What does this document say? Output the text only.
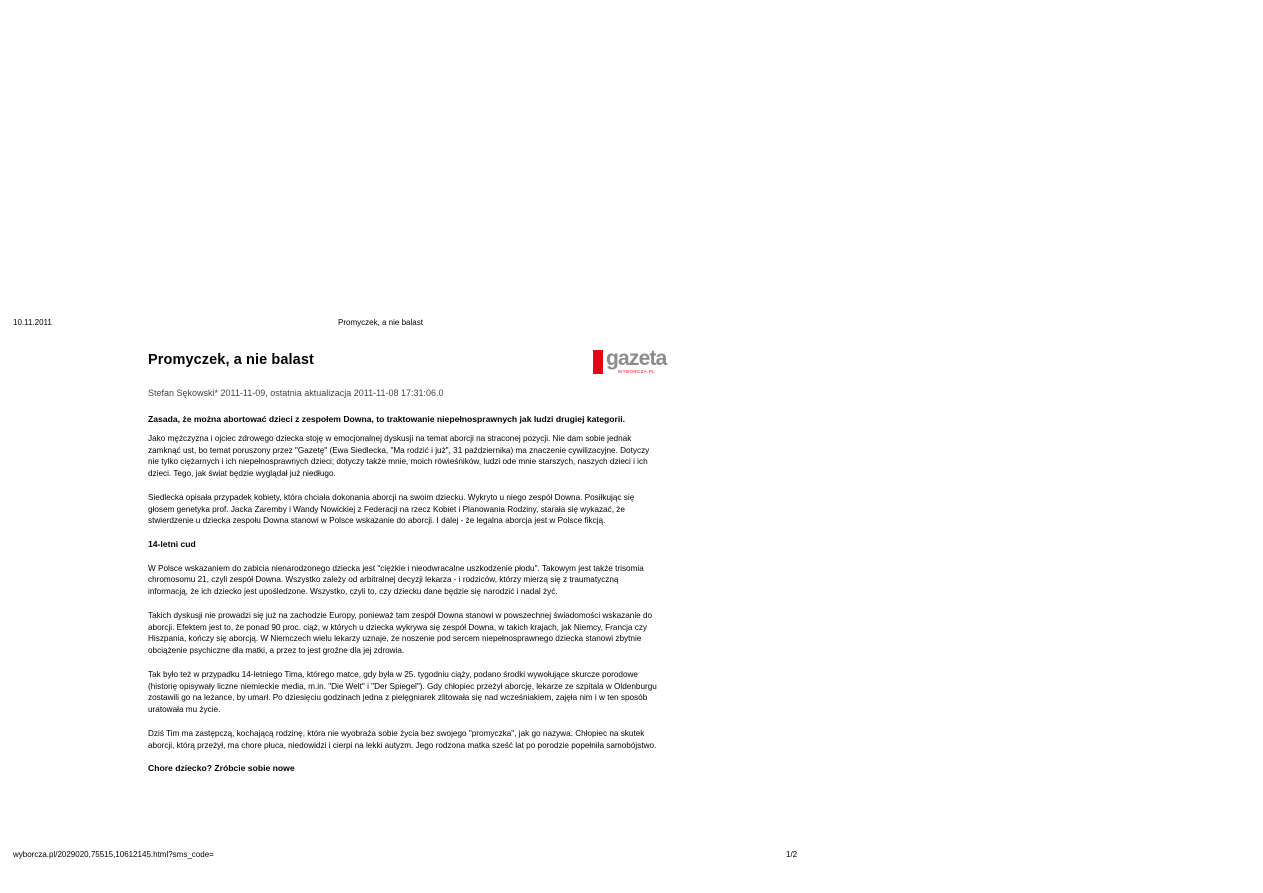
10.11.2011	Promyczek, a nie balast
Promyczek, a nie balast	gazeta
WYBORCZA.PL
Stefan Sękowski* 2011-11-09, ostatnia aktualizacja 2011-11-08 17:31:06.0
Zasada, że można abortować dzieci z zespołem Downa, to traktowanie niepełnosprawnych jak ludzi drugiej kategorii.

Jako mężczyzna i ojciec zdrowego dziecka stoję w emocjonalnej dyskusji na temat aborcji na straconej pozycji. Nie dam sobie jednak zamknąć ust, bo temat poruszony przez "Gazetę" (Ewa Siedlecka, "Ma rodzić i już", 31 października) ma znaczenie cywilizacyjne. Dotyczy nie tylko ciężarnych i ich niepełnosprawnych dzieci; dotyczy także mnie, moich rówieśników, ludzi ode mnie starszych, naszych dzieci i ich dzieci. Tego, jak świat będzie wyglądał już niedługo.

Siedlecka opisała przypadek kobiety, która chciała dokonania aborcji na swoim dziecku. Wykryto u niego zespół Downa. Posiłkując się głosem genetyka prof. Jacka Zaremby i Wandy Nowickiej z Federacji na rzecz Kobiet i Planowania Rodziny, starała się wykazać, że stwierdzenie u dziecka zespołu Downa stanowi w Polsce wskazanie do aborcji. I dalej - że legalna aborcja jest w Polsce fikcją.

14-letni cud

W Polsce wskazaniem do zabicia nienarodzonego dziecka jest "ciężkie i nieodwracalne uszkodzenie płodu". Takowym jest także trisomia chromosomu 21, czyli zespół Downa. Wszystko zależy od arbitralnej decyzji lekarza - i rodziców, którzy mierzą się z traumatyczną informacją, że ich dziecko jest upośledzone. Wszystko, czyli to, czy dziecku dane będzie się narodzić i nadal żyć.

Takich dyskusji nie prowadzi się już na zachodzie Europy, ponieważ tam zespół Downa stanowi w powszechnej świadomości wskazanie do aborcji. Efektem jest to, że ponad 90 proc. ciąż, w których u dziecka wykrywa się zespół Downa, w takich krajach, jak Niemcy, Francja czy Hiszpania, kończy się aborcją. W Niemczech wielu lekarzy uznaje, że noszenie pod sercem niepełnosprawnego dziecka stanowi zbytnie obciążenie psychiczne dla matki, a przez to jest groźne dla jej zdrowia.

Tak było też w przypadku 14-letniego Tima, którego matce, gdy była w 25. tygodniu ciąży, podano środki wywołujące skurcze porodowe (historię opisywały liczne niemieckie media, m.in. "Die Welt" i "Der Spiegel"). Gdy chłopiec przeżył aborcję, lekarze ze szpitala w Oldenburgu zostawili go na leżance, by umarł. Po dziesięciu godzinach jedna z pielęgniarek zlitowała się nad wcześniakiem, zajęła nim i w ten sposób uratowała mu życie.

Dziś Tim ma zastępczą, kochającą rodzinę, która nie wyobraża sobie życia bez swojego "promyczka", jak go nazywa. Chłopiec na skutek aborcji, którą przeżył, ma chore płuca, niedowidzi i cierpi na lekki autyzm. Jego rodzona matka sześć lat po porodzie popełniła samobójstwo.

Chore dziecko? Zróbcie sobie nowe
wyborcza.pl/2029020,75515,10612145.html?sms_code=	1/2
